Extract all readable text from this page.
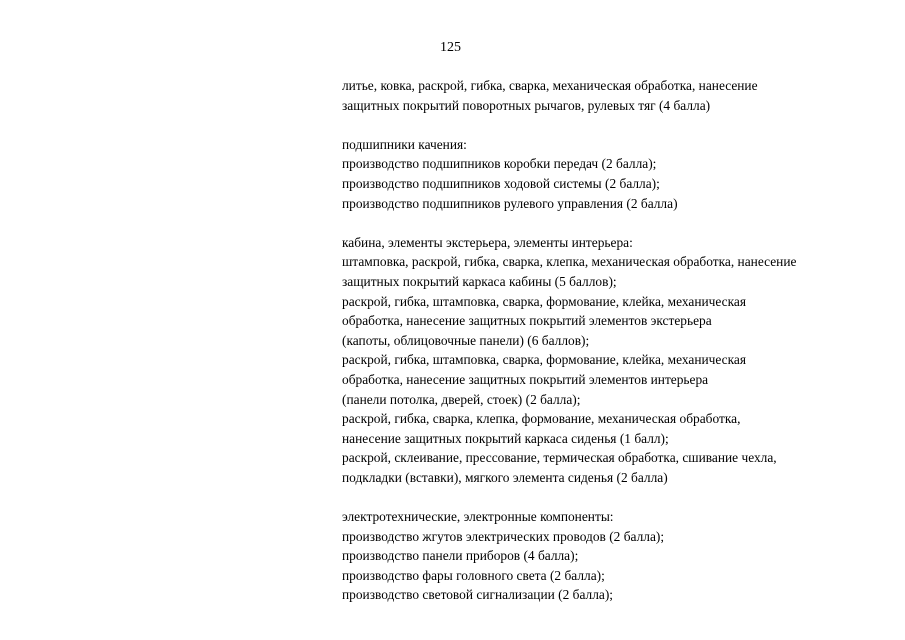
125
литье, ковка, раскрой, гибка, сварка, механическая обработка, нанесение
защитных покрытий поворотных рычагов, рулевых тяг (4 балла)
подшипники качения:
производство подшипников коробки передач (2 балла);
производство подшипников ходовой системы (2 балла);
производство подшипников рулевого управления (2 балла)
кабина, элементы экстерьера, элементы интерьера:
штамповка, раскрой, гибка, сварка, клепка, механическая обработка, нанесение
защитных покрытий каркаса кабины (5 баллов);
раскрой, гибка, штамповка, сварка, формование, клейка, механическая
обработка, нанесение защитных покрытий элементов экстерьера
(капоты, облицовочные панели) (6 баллов);
раскрой, гибка, штамповка, сварка, формование, клейка, механическая
обработка, нанесение защитных покрытий элементов интерьера
(панели потолка, дверей, стоек) (2 балла);
раскрой, гибка, сварка, клепка, формование, механическая обработка,
нанесение защитных покрытий каркаса сиденья (1 балл);
раскрой, склеивание, прессование, термическая обработка, сшивание чехла,
подкладки (вставки), мягкого элемента сиденья (2 балла)
электротехнические, электронные компоненты:
производство жгутов электрических проводов (2 балла);
производство панели приборов (4 балла);
производство фары головного света (2 балла);
производство световой сигнализации (2 балла);
